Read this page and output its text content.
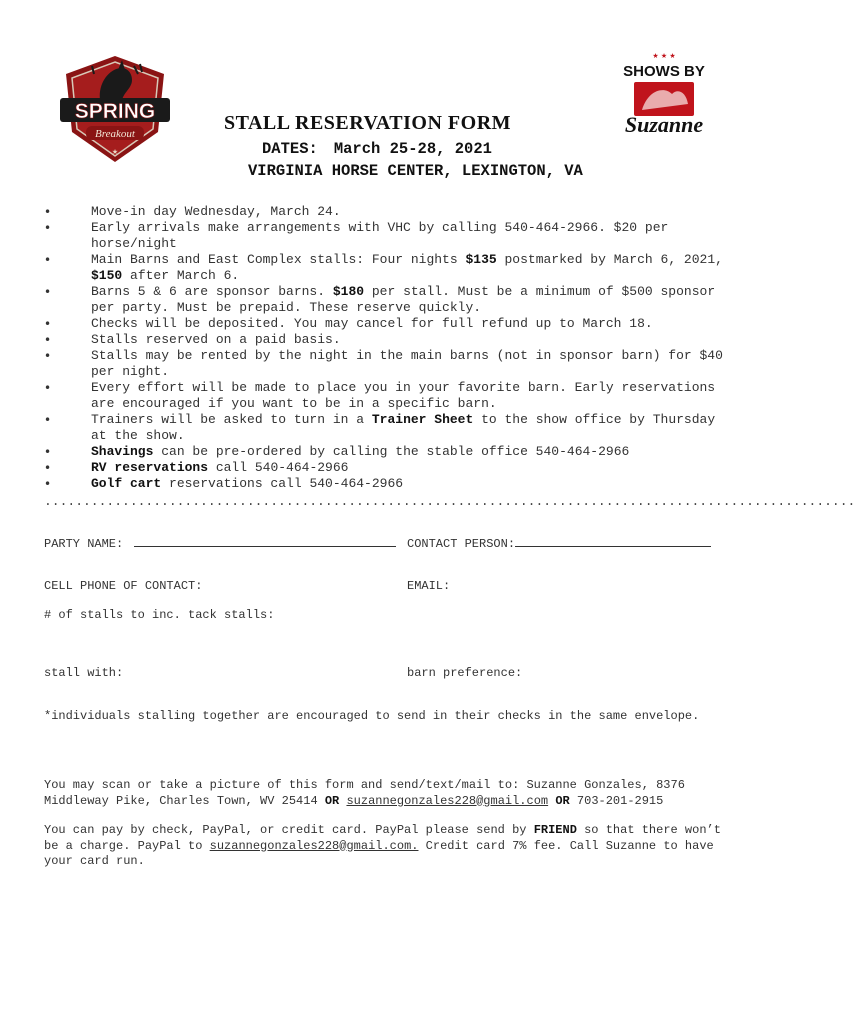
SPRING
Breakout
★
★ ★ ★
SHOWS BY
Suzanne
STALL RESERVATION FORM
DATES: March 25-28, 2021
VIRGINIA HORSE CENTER, LEXINGTON, VA
•	Move-in day Wednesday, March 24.
•	Early arrivals make arrangements with VHC by calling 540-464-2966. $20 per horse/night
•	Main Barns and East Complex stalls: Four nights $135 postmarked by March 6, 2021, $150 after March 6.
•	Barns 5 & 6 are sponsor barns. $180 per stall. Must be a minimum of $500 sponsor per party. Must be prepaid. These reserve quickly.
•	Checks will be deposited. You may cancel for full refund up to March 18.
•	Stalls reserved on a paid basis.
•	Stalls may be rented by the night in the main barns (not in sponsor barn) for $40 per night.
•	Every effort will be made to place you in your favorite barn. Early reservations are encouraged if you want to be in a specific barn.
•	Trainers will be asked to turn in a Trainer Sheet to the show office by Thursday at the show.
•	Shavings can be pre-ordered by calling the stable office 540-464-2966
•	RV reservations call 540-464-2966
•	Golf cart reservations call 540-464-2966
........................................................................................................
PARTY NAME:	CONTACT PERSON:
CELL PHONE OF CONTACT:	EMAIL:
# of stalls to inc. tack stalls:
stall with:	barn preference:
*individuals stalling together are encouraged to send in their checks in the same envelope.
You may scan or take a picture of this form and send/text/mail to: Suzanne Gonzales, 8376 Middleway Pike, Charles Town, WV 25414 OR suzannegonzales228@gmail.com OR 703-201-2915
You can pay by check, PayPal, or credit card. PayPal please send by FRIEND so that there won’t be a charge. PayPal to suzannegonzales228@gmail.com. Credit card 7% fee. Call Suzanne to have your card run.
